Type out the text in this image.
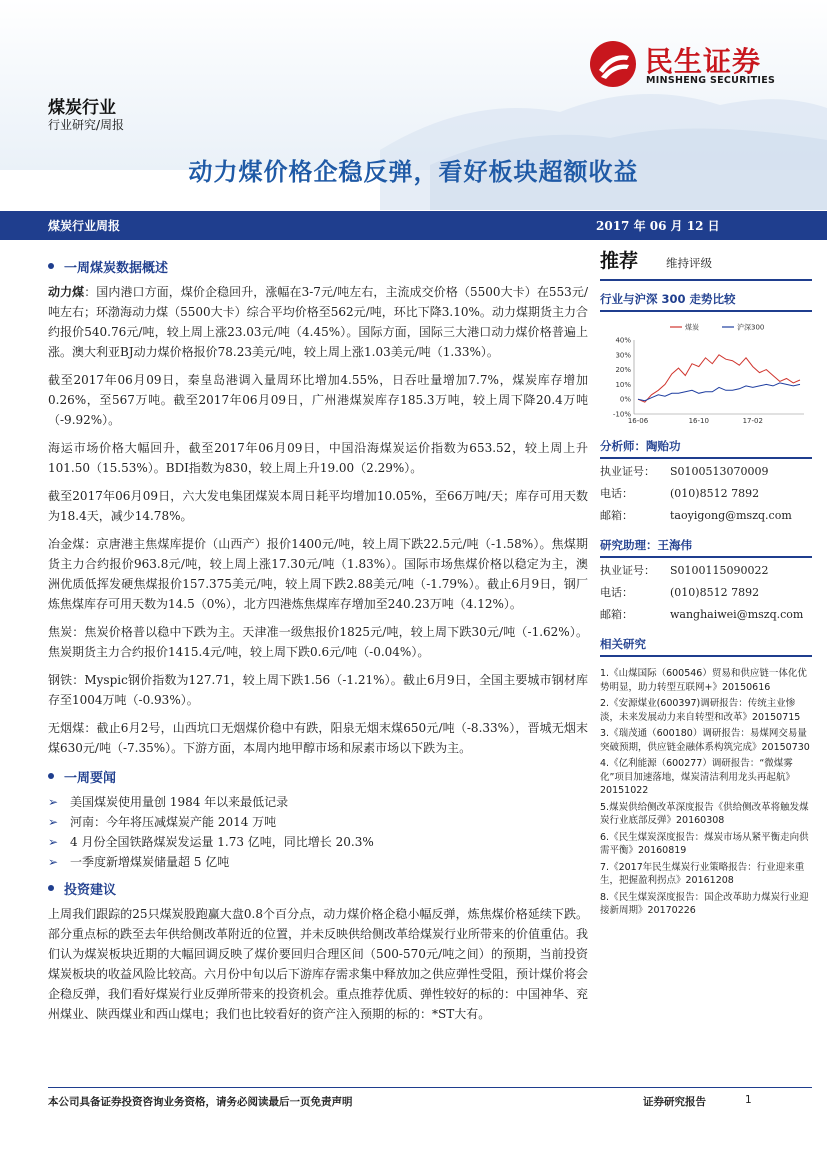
民生证券
MINSHENG SECURITIES
煤炭行业
行业研究/周报
动力煤价格企稳反弹，看好板块超额收益
煤炭行业周报	2017 年 06 月 12 日
一周煤炭数据概述

动力煤：国内港口方面，煤价企稳回升，涨幅在3-7元/吨左右，主流成交价格（5500大卡）在553元/吨左右；环渤海动力煤（5500大卡）综合平均价格至562元/吨，环比下降3.10%。动力煤期货主力合约报价540.76元/吨，较上周上涨23.03元/吨（4.45%）。国际方面，国际三大港口动力煤价格普遍上涨。澳大利亚BJ动力煤价格报价78.23美元/吨，较上周上涨1.03美元/吨（1.33%）。

截至2017年06月09日，秦皇岛港调入量周环比增加4.55%，日吞吐量增加7.7%，煤炭库存增加0.26%，至567万吨。截至2017年06月09日，广州港煤炭库存185.3万吨，较上周下降20.4万吨（-9.92%）。

海运市场价格大幅回升，截至2017年06月09日，中国沿海煤炭运价指数为653.52，较上周上升101.50（15.53%）。BDI指数为830，较上周上升19.00（2.29%）。

截至2017年06月09日，六大发电集团煤炭本周日耗平均增加10.05%，至66万吨/天；库存可用天数为18.4天，减少14.78%。

冶金煤：京唐港主焦煤库提价（山西产）报价1400元/吨，较上周下跌22.5元/吨（-1.58%）。焦煤期货主力合约报价963.8元/吨，较上周上涨17.30元/吨（1.83%）。国际市场焦煤价格以稳定为主，澳洲优质低挥发硬焦煤报价157.375美元/吨，较上周下跌2.88美元/吨（-1.79%）。截止6月9日，钢厂炼焦煤库存可用天数为14.5（0%），北方四港炼焦煤库存增加至240.23万吨（4.12%）。

焦炭：焦炭价格普以稳中下跌为主。天津准一级焦报价1825元/吨，较上周下跌30元/吨（-1.62%）。焦炭期货主力合约报价1415.4元/吨，较上周下跌0.6元/吨（-0.04%）。

钢铁：Myspic钢价指数为127.71，较上周下跌1.56（-1.21%）。截止6月9日，全国主要城市钢材库存至1004万吨（-0.93%）。

无烟煤：截止6月2号，山西坑口无烟煤价稳中有跌，阳泉无烟末煤650元/吨（-8.33%），晋城无烟末煤630元/吨（-7.35%）。下游方面，本周内地甲醇市场和尿素市场以下跌为主。

一周要闻
➢ 美国煤炭使用量创 1984 年以来最低记录
➢ 河南：今年将压减煤炭产能 2014 万吨
➢ 4 月份全国铁路煤炭发运量 1.73 亿吨，同比增长 20.3%
➢ 一季度新增煤炭储量超 5 亿吨
投资建议

上周我们跟踪的25只煤炭股跑赢大盘0.8个百分点，动力煤价格企稳小幅反弹，炼焦煤价格延续下跌。部分重点标的跌至去年供给侧改革附近的位置，并未反映供给侧改革给煤炭行业所带来的价值重估。我们认为煤炭板块近期的大幅回调反映了煤价要回归合理区间（500-570元/吨之间）的预期，当前投资煤炭板块的收益风险比较高。六月份中旬以后下游库存需求集中释放加之供应弹性受阻，预计煤价将会企稳反弹，我们看好煤炭行业反弹所带来的投资机会。重点推荐优质、弹性较好的标的：中国神华、兖州煤业、陕西煤业和西山煤电；我们也比较看好的资产注入预期的标的：*ST大有。

推荐 维持评级
行业与沪深 300 走势比较
-10%
0%
10%
20%
30%
40%
16-06	16-10	17-02
煤炭	沪深300
分析师：陶贻功
执业证号：	S0100513070009
电话：	(010)8512 7892
邮箱：	taoyigong@mszq.com
研究助理：王海伟
执业证号：	S0100115090022
电话：	(010)8512 7892
邮箱：	wanghaiwei@mszq.com
相关研究
1.《山煤国际（600546）贸易和供应链一体化优势明显，助力转型互联网+》20150616
2.《安源煤业(600397)调研报告：传统主业惨淡，未来发展动力来自转型和改革》20150715
3.《瑞茂通（600180）调研报告：易煤网交易量突破预期，供应链金融体系构筑完成》20150730
4.《亿利能源（600277）调研报告：“微煤雾化”项目加速落地，煤炭清洁利用龙头再起航》20151022
5.煤炭供给侧改革深度报告《供给侧改革将触发煤炭行业底部反弹》20160308
6.《民生煤炭深度报告：煤炭市场从紧平衡走向供需平衡》20160819
7.《2017年民生煤炭行业策略报告：行业迎来重生，把握盈利拐点》20161208
8.《民生煤炭深度报告：国企改革助力煤炭行业迎接新周期》20170226
本公司具备证券投资咨询业务资格，请务必阅读最后一页免责声明	证券研究报告	1
